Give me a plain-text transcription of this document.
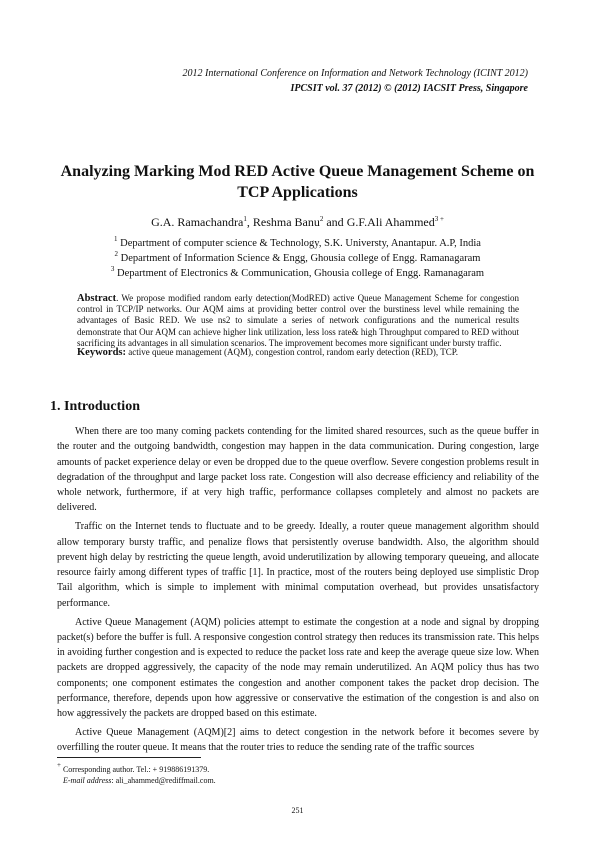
2012 International Conference on Information and Network Technology (ICINT 2012)
IPCSIT vol. 37 (2012) © (2012) IACSIT Press, Singapore
Analyzing Marking Mod RED Active Queue Management Scheme on TCP Applications
G.A. Ramachandra$^1$, Reshma Banu$^2$ and G.F.Ali Ahammed$^{3 +}$
$^1$ Department of computer science & Technology, S.K. Universty, Anantapur. A.P, India
$^2$ Department of Information Science & Engg, Ghousia college of Engg. Ramanagaram
$^3$ Department of Electronics & Communication, Ghousia college of Engg. Ramanagaram
Abstract. We propose modified random early detection(ModRED) active Queue Management Scheme for congestion control in TCP/IP networks. Our AQM aims at providing better control over the burstiness level while remaining the advantages of Basic RED. We use ns2 to simulate a series of network configurations and the numerical results demonstrate that Our AQM can achieve higher link utilization, less loss rate& high Throughput compared to RED without sacrificing its advantages in all simulation scenarios. The improvement becomes more significant under bursty traffic.
Keywords: active queue management (AQM), congestion control, random early detection (RED), TCP.
1. Introduction

When there are too many coming packets contending for the limited shared resources, such as the queue buffer in the router and the outgoing bandwidth, congestion may happen in the data communication. During congestion, large amounts of packet experience delay or even be dropped due to the queue overflow. Severe congestion problems result in degradation of the throughput and large packet loss rate. Congestion will also decrease efficiency and reliability of the whole network, furthermore, if at very high traffic, performance collapses completely and almost no packets are delivered.

Traffic on the Internet tends to fluctuate and to be greedy. Ideally, a router queue management algorithm should allow temporary bursty traffic, and penalize flows that persistently overuse bandwidth. Also, the algorithm should prevent high delay by restricting the queue length, avoid underutilization by allowing temporary queueing, and allocate resource fairly among different types of traffic [1]. In practice, most of the routers being deployed use simplistic Drop Tail algorithm, which is simple to implement with minimal computation overhead, but provides unsatisfactory performance.

Active Queue Management (AQM) policies attempt to estimate the congestion at a node and signal by dropping packet(s) before the buffer is full. A responsive congestion control strategy then reduces its transmission rate. This helps in avoiding further congestion and is expected to reduce the packet loss rate and keep the average queue size low. When packets are dropped aggressively, the capacity of the node may remain underutilized. An AQM policy thus has two components; one component estimates the congestion and another component takes the packet drop decision. The performance, therefore, depends upon how aggressive or conservative the estimation of the congestion is and also on how aggressively the packets are dropped based on this estimate.

Active Queue Management (AQM)[2] aims to detect congestion in the network before it becomes severe by overfilling the router queue. It means that the router tries to reduce the sending rate of the traffic sources

+ Corresponding author. Tel.: + 919886191379.
E-mail address: ali_ahammed@rediffmail.com.
251
